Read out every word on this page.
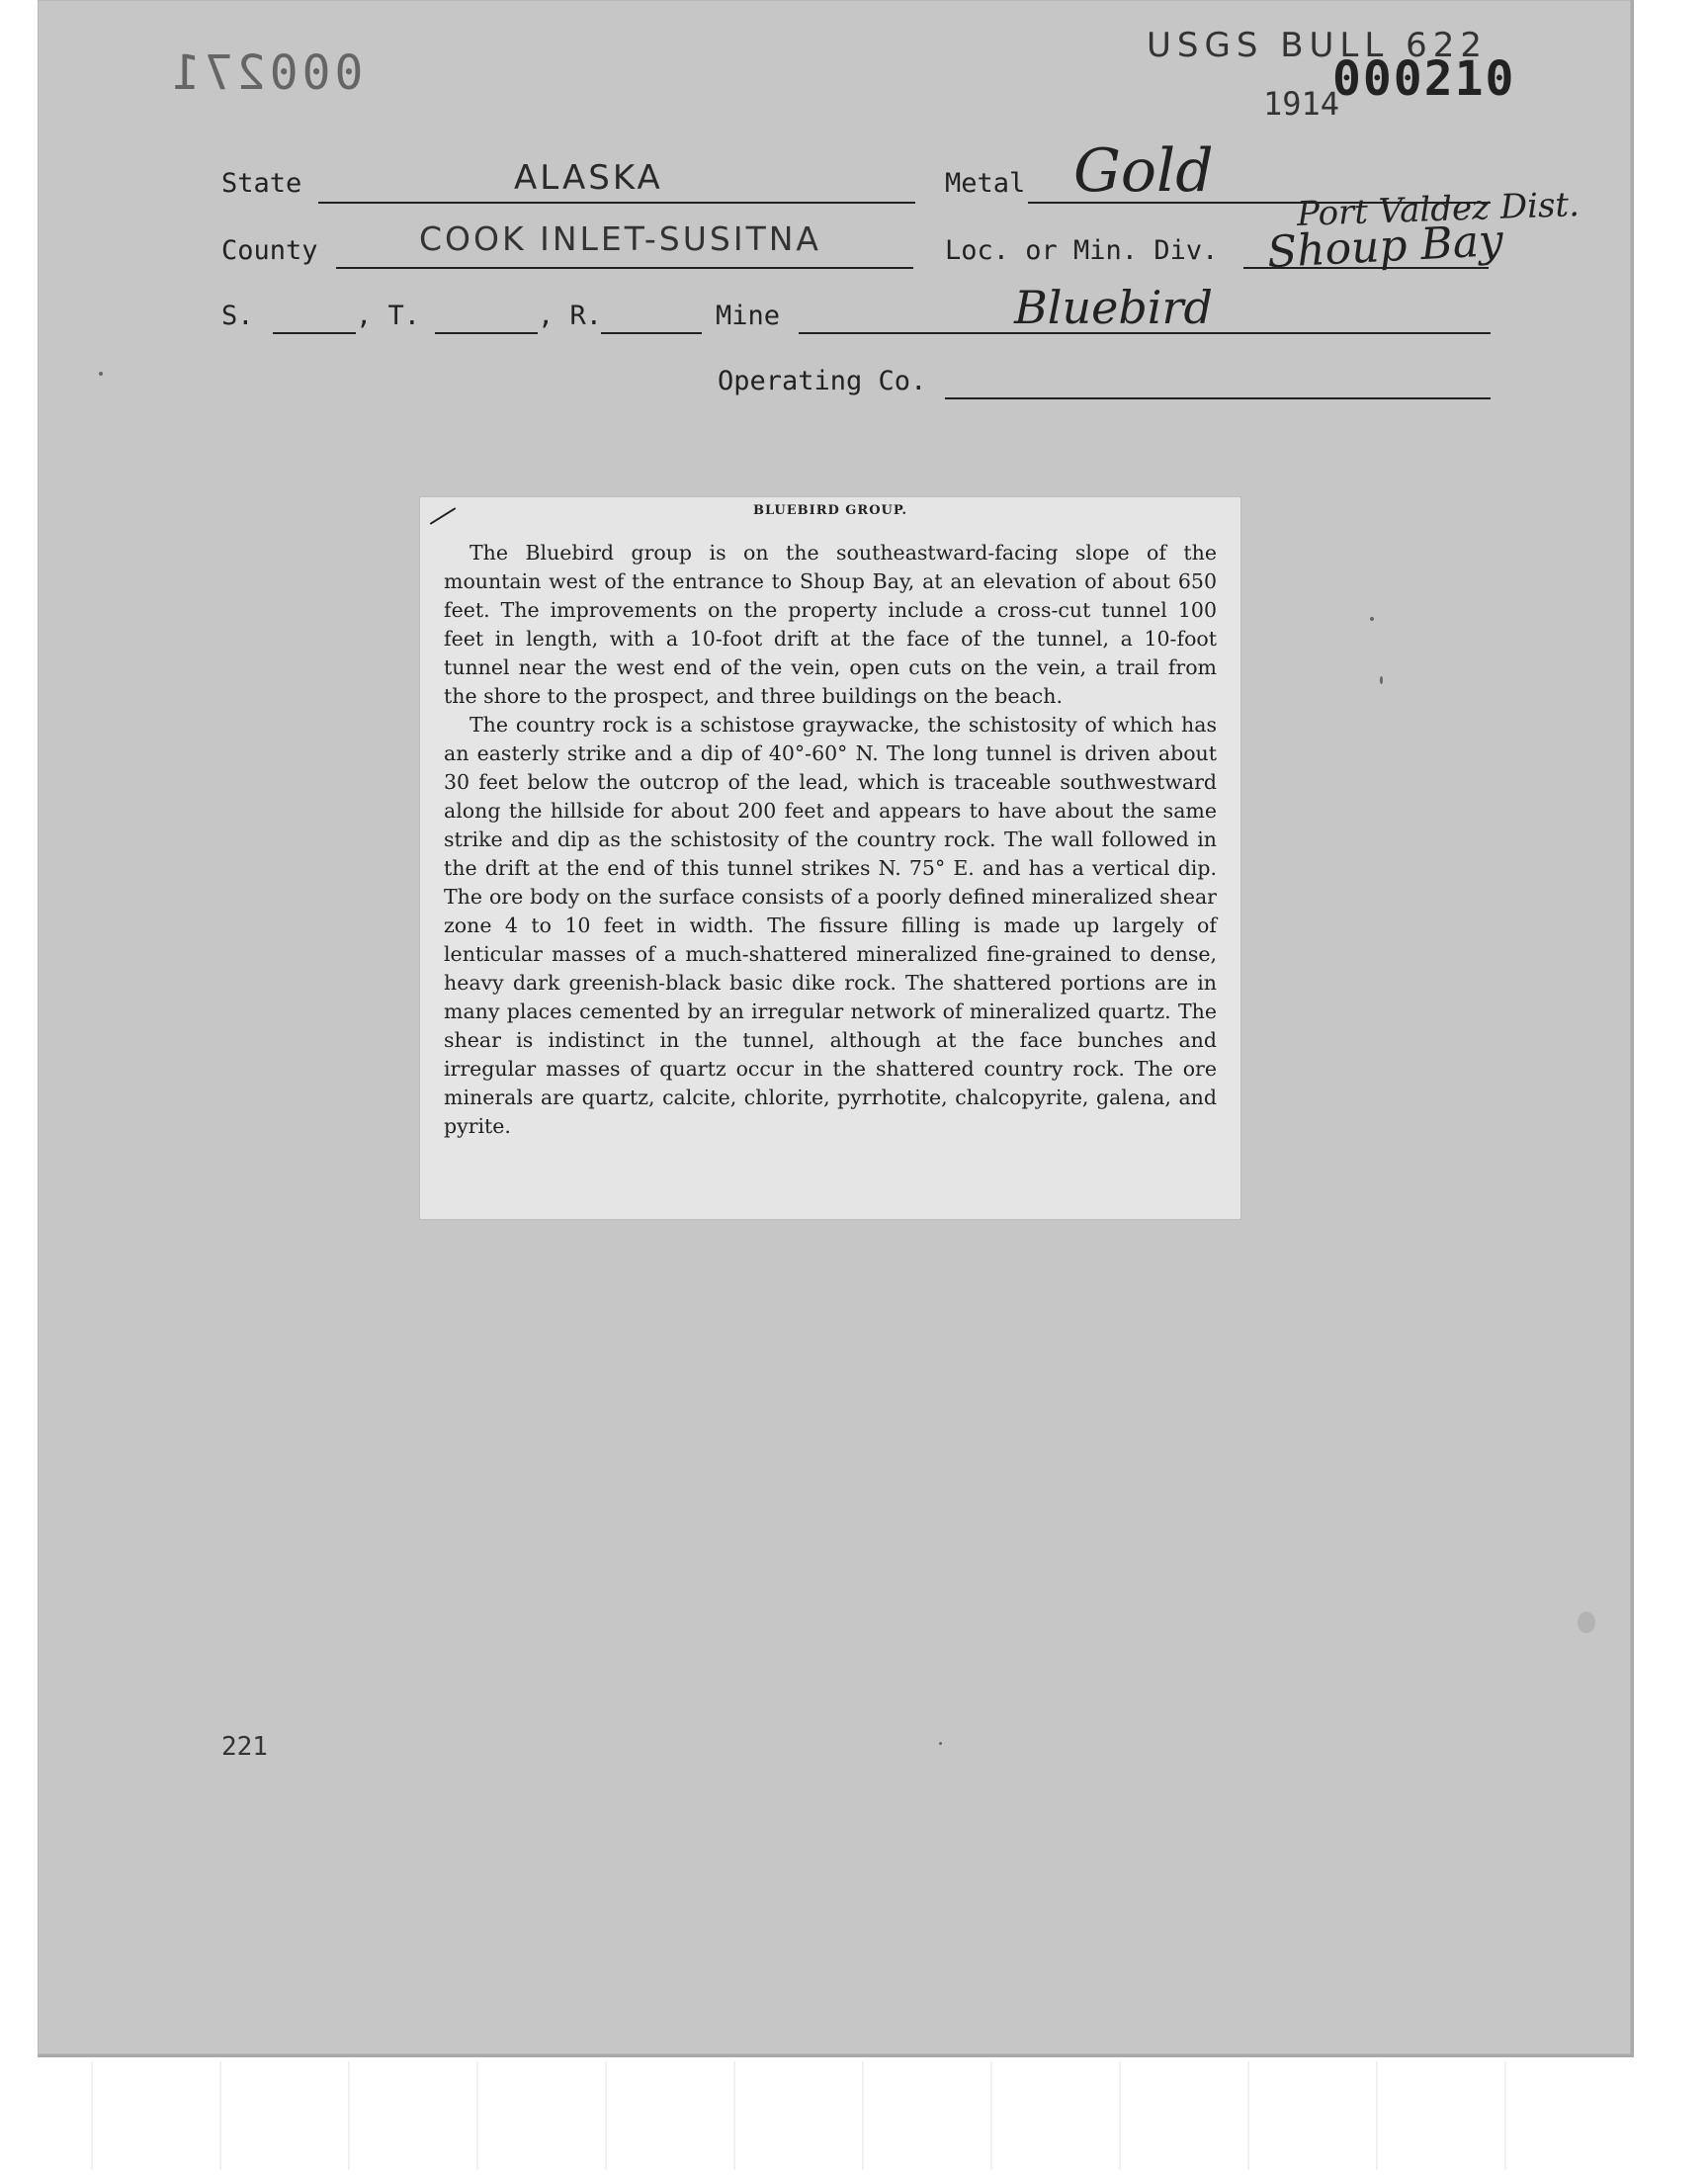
000271	USGS BULL 622
000210
1914
State	ALASKA	Metal Gold
Port Valdez Dist.
County	COOK INLET-SUSITNA	Loc. or Min. Div. Shoup Bay
S.	, T.	, R.	Mine	Bluebird
Operating Co.
BLUEBIRD GROUP.

The Bluebird group is on the southeastward-facing slope of the mountain west of the entrance to Shoup Bay, at an elevation of about 650 feet. The improvements on the property include a cross-cut tunnel 100 feet in length, with a 10-foot drift at the face of the tunnel, a 10-foot tunnel near the west end of the vein, open cuts on the vein, a trail from the shore to the prospect, and three buildings on the beach.

The country rock is a schistose graywacke, the schistosity of which has an easterly strike and a dip of 40°-60° N. The long tunnel is driven about 30 feet below the outcrop of the lead, which is traceable southwestward along the hillside for about 200 feet and appears to have about the same strike and dip as the schistosity of the country rock. The wall followed in the drift at the end of this tunnel strikes N. 75° E. and has a vertical dip. The ore body on the surface consists of a poorly defined mineralized shear zone 4 to 10 feet in width. The fissure filling is made up largely of lenticular masses of a much-shattered mineralized fine-grained to dense, heavy dark greenish-black basic dike rock. The shattered portions are in many places cemented by an irregular network of mineralized quartz. The shear is indistinct in the tunnel, although at the face bunches and irregular masses of quartz occur in the shattered country rock. The ore minerals are quartz, calcite, chlorite, pyrrhotite, chalcopyrite, galena, and pyrite.

221
